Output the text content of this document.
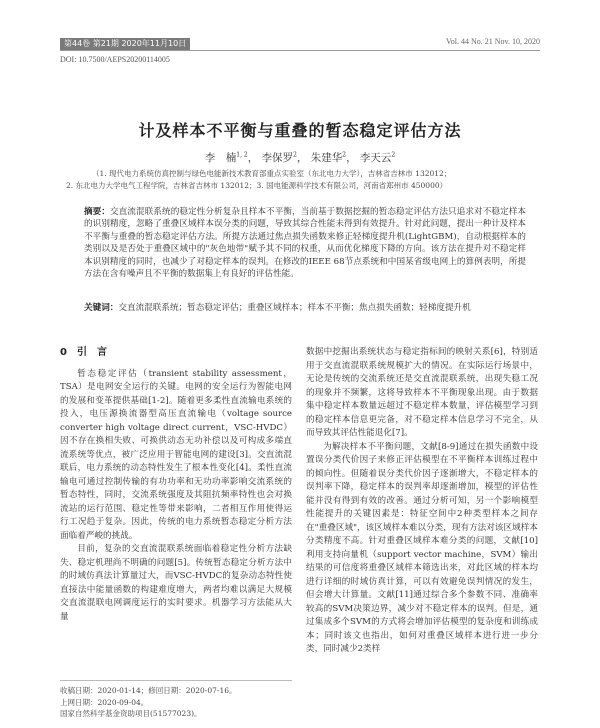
第44卷 第21期 2020年11月10日	Vol. 44 No. 21 Nov. 10, 2020
DOI: 10.7500/AEPS20200114005
计及样本不平衡与重叠的暂态稳定评估方法
李　楠$^{1, 2}$， 李保罗$^2$， 朱建华$^2$， 李天云$^2$
（1. 现代电力系统仿真控制与绿色电能新技术教育部重点实验室（东北电力大学），吉林省吉林市 132012；
2. 东北电力大学电气工程学院，吉林省吉林市 132012；3. 国电能源科学技术有限公司，河南省郑州市 450000）
摘要：交直流混联系统的稳定性分析复杂且样本不平衡，当前基于数据挖掘的暂态稳定评估方法只追求对不稳定样本的识别精度，忽略了重叠区域样本误分类的问题，导致其综合性能未得到有效提升。针对此问题，提出一种计及样本不平衡与重叠的暂态稳定评估方法。所提方法通过焦点损失函数来修正轻梯度提升机(LightGBM)，自动根据样本的类别以及是否处于重叠区域中的"灰色地带"赋予其不同的权重，从而优化梯度下降的方向。该方法在提升对不稳定样本识别精度的同时，也减少了对稳定样本的误判。在修改的IEEE 68节点系统和中国某省级电网上的算例表明，所提方法在含有噪声且不平衡的数据集上有良好的评估性能。
关键词：交直流混联系统；暂态稳定评估；重叠区域样本；样本不平衡；焦点损失函数；轻梯度提升机
0 引　言

暂态稳定评估（transient stability assessment，TSA）是电网安全运行的关键。电网的安全运行为智能电网的发展和变革提供基础[1-2]。随着更多柔性直流输电系统的投入，电压源换流器型高压直流输电（voltage source converter high voltage direct current，VSC-HVDC）因不存在换相失败、可换供动态无功补偿以及可构成多端直流系统等优点，被广泛应用于智能电网的建设[3]。交直流混联后，电力系统的动态特性发生了根本性变化[4]。柔性直流输电可通过控制传输的有功功率和无功功率影响交流系统的暂态特性，同时，交流系统强度及其阻抗频率特性也会对换流站的运行范围、稳定性等带来影响，二者相互作用使得运行工况趋于复杂。因此，传统的电力系统暂态稳定分析方法面临着严峻的挑战。

目前，复杂的交直流混联系统面临着稳定性分析方法缺失、稳定机理尚不明确的问题[5]。传统暂态稳定分析方法中的时域仿真法计算量过大，而VSC-HVDC的复杂动态特性使直接法中能量函数的构建难度增大，两者均难以满足大规模交直流混联电网调度运行的实时要求。机器学习方法能从大量

数据中挖掘出系统状态与稳定指标间的映射关系[6]，特别适用于交直流混联系统规模扩大的情况。在实际运行场景中，无论是传统的交流系统还是交直流混联系统，出现失稳工况的现象并不频繁，这将导致样本不平衡现象出现。由于数据集中稳定样本数量远超过不稳定样本数量，评估模型学习到的稳定样本信息更完备，对不稳定样本信息学习不完全，从而导致其评估性能退化[7]。

为解决样本不平衡问题，文献[8-9]通过在损失函数中设置误分类代价因子来修正评估模型在不平衡样本训练过程中的倾向性。但随着误分类代价因子逐渐增大，不稳定样本的误判率下降，稳定样本的误判率却逐渐增加，模型的评估性能并没有得到有效的改善。通过分析可知，另一个影响模型性能提升的关键因素是：特征空间中2种类型样本之间存在"重叠区域"，该区域样本难以分类，现有方法对该区域样本分类精度不高。针对重叠区域样本难分类的问题，文献[10]利用支持向量机（support vector machine，SVM）输出结果的可信度将重叠区域样本筛选出来，对此区域的样本均进行详细的时域仿真计算，可以有效避免误判情况的发生，但会增大计算量。文献[11]通过综合多个参数不同、准确率较高的SVM决策边界，减少对不稳定样本的误判。但是，通过集成多个SVM的方式将会增加评估模型的复杂度和训练成本；同时该文也指出，如何对重叠区域样本进行进一步分类，同时减少2类样

收稿日期：2020-01-14；修回日期：2020-07-16。
上网日期：2020-09-04。
国家自然科学基金资助项目(51577023)。
